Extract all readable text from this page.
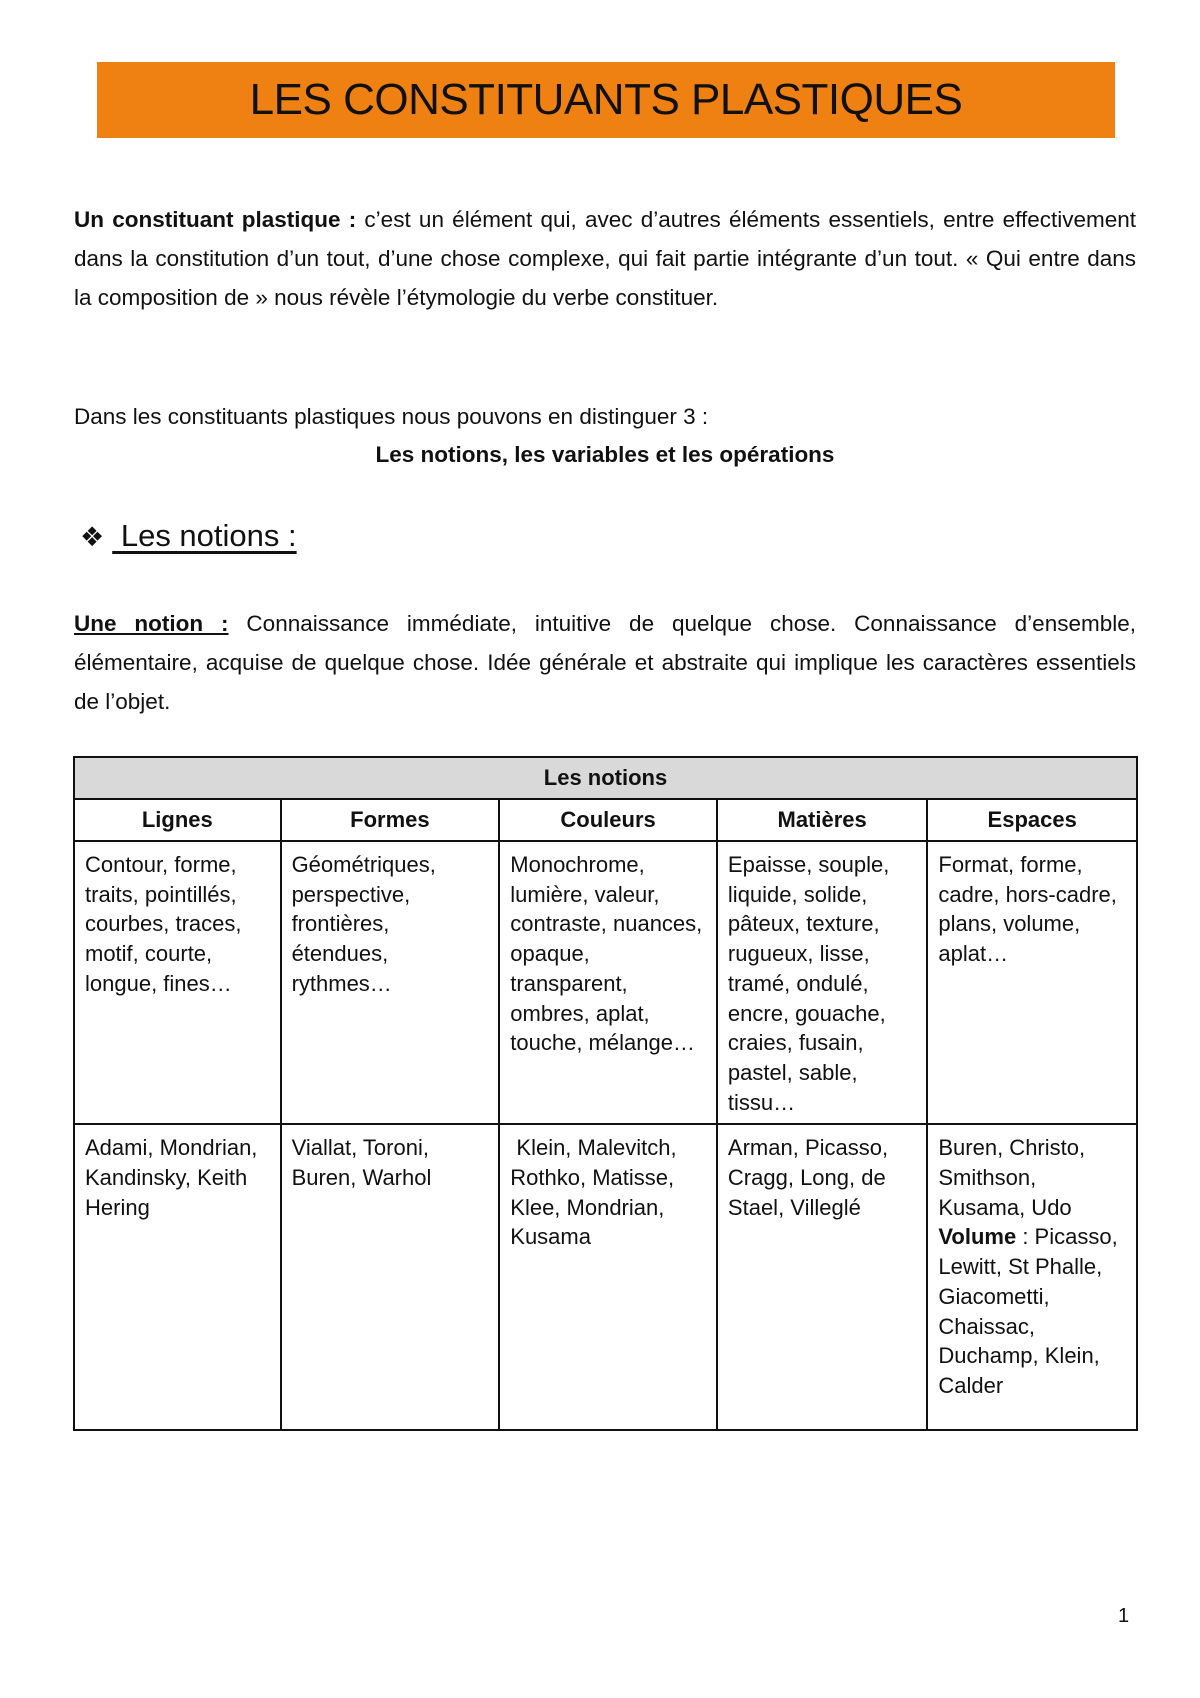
LES CONSTITUANTS PLASTIQUES

Un constituant plastique : c’est un élément qui, avec d’autres éléments essentiels, entre effectivement dans la constitution d’un tout, d’une chose complexe, qui fait partie intégrante d’un tout. « Qui entre dans la composition de » nous révèle l’étymologie du verbe constituer.

Dans les constituants plastiques nous pouvons en distinguer 3 :

Les notions, les variables et les opérations

❖ Les notions :

Une notion : Connaissance immédiate, intuitive de quelque chose. Connaissance d’ensemble, élémentaire, acquise de quelque chose. Idée générale et abstraite qui implique les caractères essentiels de l’objet.

Les notions				
Lignes	Formes	Couleurs	Matières	Espaces
Contour, forme, traits, pointillés, courbes, traces, motif, courte, longue, fines…	Géométriques, perspective, frontières, étendues, rythmes…	Monochrome, lumière, valeur, contraste, nuances, opaque, transparent, ombres, aplat, touche, mélange…	Epaisse, souple, liquide, solide, pâteux, texture, rugueux, lisse, tramé, ondulé, encre, gouache, craies, fusain, pastel, sable, tissu…	Format, forme, cadre, hors-cadre, plans, volume, aplat…
Adami, Mondrian, Kandinsky, Keith Hering	Viallat, Toroni, Buren, Warhol	Klein, Malevitch, Rothko, Matisse, Klee, Mondrian, Kusama	Arman, Picasso, Cragg, Long, de Stael, Villeglé	Buren, Christo, Smithson, Kusama, Udo
Volume : Picasso, Lewitt, St Phalle, Giacometti, Chaissac, Duchamp, Klein, Calder
1
